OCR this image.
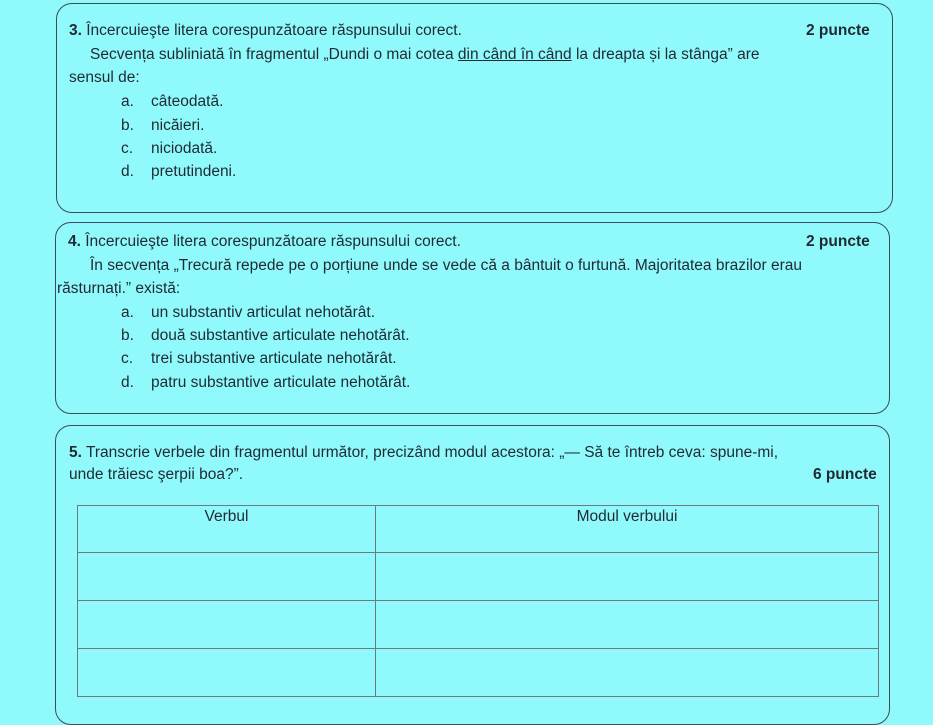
3. Încercuieşte litera corespunzătoare răspunsului corect.	2 puncte
Secvența subliniată în fragmentul „Dundi o mai cotea din când în când la dreapta și la stânga” are
sensul de:
a. câteodată.
b. nicăieri.
c. niciodată.
d. pretutindeni.
4. Încercuieşte litera corespunzătoare răspunsului corect.	2 puncte
În secvența „Trecură repede pe o porțiune unde se vede că a bântuit o furtună. Majoritatea brazilor erau
răsturnați.” există:
a. un substantiv articulat nehotărât.
b. două substantive articulate nehotărât.
c. trei substantive articulate nehotărât.
d. patru substantive articulate nehotărât.
5. Transcrie verbele din fragmentul următor, precizând modul acestora: „— Să te întreb ceva: spune-mi,
unde trăiesc şerpii boa?”.	6 puncte
Verbul	Modul verbului
